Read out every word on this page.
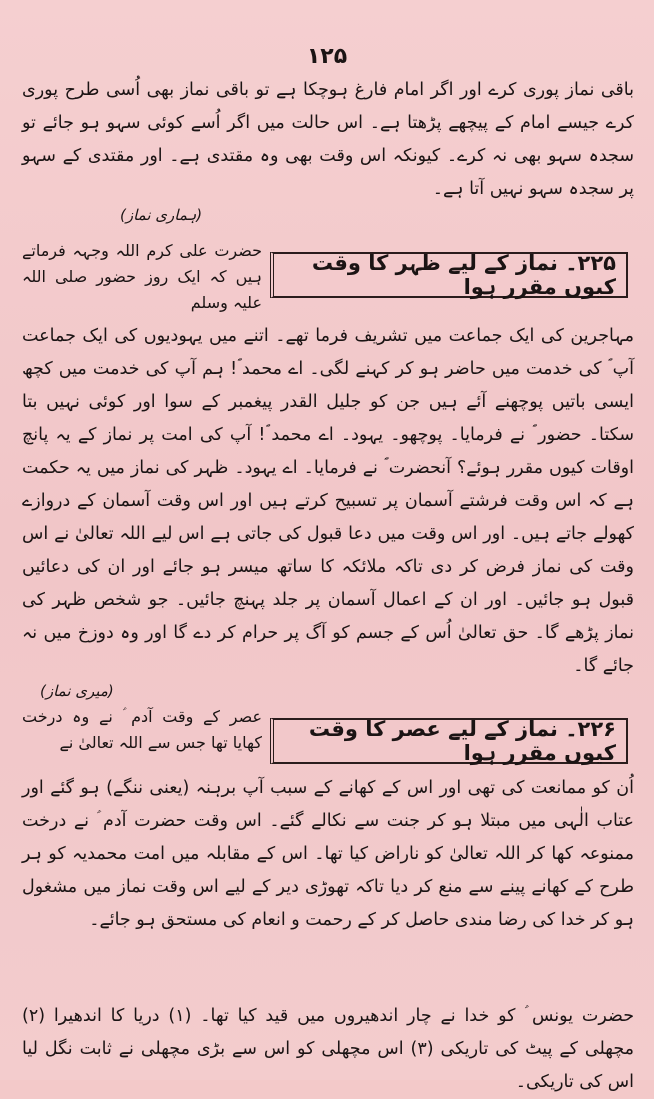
۱۲۵
باقی نماز پوری کرے اور اگر امام فارغ ہوچکا ہے تو باقی نماز بھی اُسی طرح پوری کرے جیسے امام کے پیچھے پڑھتا ہے۔ اس حالت میں اگر اُسے کوئی سہو ہو جائے تو سجدہ سہو بھی نہ کرے۔ کیونکہ اس وقت بھی وہ مقتدی ہے۔ اور مقتدی کے سہو پر سجدہ سہو نہیں آتا ہے۔
(ہماری نماز)
۲۲۵۔ نماز کے لیے ظہر کا وقت کیوں مقرر ہوا
حضرت علی کرم اللہ وجہہ فرماتے ہیں کہ ایک روز حضور صلی اللہ علیہ وسلم
مہاجرین کی ایک جماعت میں تشریف فرما تھے۔ اتنے میں یہودیوں کی ایک جماعت آپ ؐ کی خدمت میں حاضر ہو کر کہنے لگی۔ اے محمد ؐ! ہم آپ کی خدمت میں کچھ ایسی باتیں پوچھنے آئے ہیں جن کو جلیل القدر پیغمبر کے سوا اور کوئی نہیں بتا سکتا۔ حضور ؐ نے فرمایا۔ پوچھو۔ یہود۔ اے محمد ؐ! آپ کی امت پر نماز کے یہ پانچ اوقات کیوں مقرر ہوئے؟ آنحضرت ؐ نے فرمایا۔ اے یہود۔ ظہر کی نماز میں یہ حکمت ہے کہ اس وقت فرشتے آسمان پر تسبیح کرتے ہیں اور اس وقت آسمان کے دروازے کھولے جاتے ہیں۔ اور اس وقت میں دعا قبول کی جاتی ہے اس لیے اللہ تعالیٰ نے اس وقت کی نماز فرض کر دی تاکہ ملائکہ کا ساتھ میسر ہو جائے اور ان کی دعائیں قبول ہو جائیں۔ اور ان کے اعمال آسمان پر جلد پہنچ جائیں۔ جو شخص ظہر کی نماز پڑھے گا۔ حق تعالیٰ اُس کے جسم کو آگ پر حرام کر دے گا اور وہ دوزخ میں نہ جائے گا۔
(میری نماز)
۲۲۶۔ نماز کے لیے عصر کا وقت کیوں مقرر ہوا
عصر کے وقت آدم ؑ نے وہ درخت کھایا تھا جس سے اللہ تعالیٰ نے
اُن کو ممانعت کی تھی اور اس کے کھانے کے سبب آپ برہنہ (یعنی ننگے) ہو گئے اور عتاب الٰہی میں مبتلا ہو کر جنت سے نکالے گئے۔ اس وقت حضرت آدم ؑ نے درخت ممنوعہ کھا کر اللہ تعالیٰ کو ناراض کیا تھا۔ اس کے مقابلہ میں امت محمدیہ کو ہر طرح کے کھانے پینے سے منع کر دیا تاکہ تھوڑی دیر کے لیے اس وقت نماز میں مشغول ہو کر خدا کی رضا مندی حاصل کر کے رحمت و انعام کی مستحق ہو جائے۔
حضرت یونس ؑ کو خدا نے چار اندھیروں میں قید کیا تھا۔ (۱) دریا کا اندھیرا (۲) مچھلی کے پیٹ کی تاریکی (۳) اس مچھلی کو اس سے بڑی مچھلی نے ثابت نگل لیا اس کی تاریکی۔
